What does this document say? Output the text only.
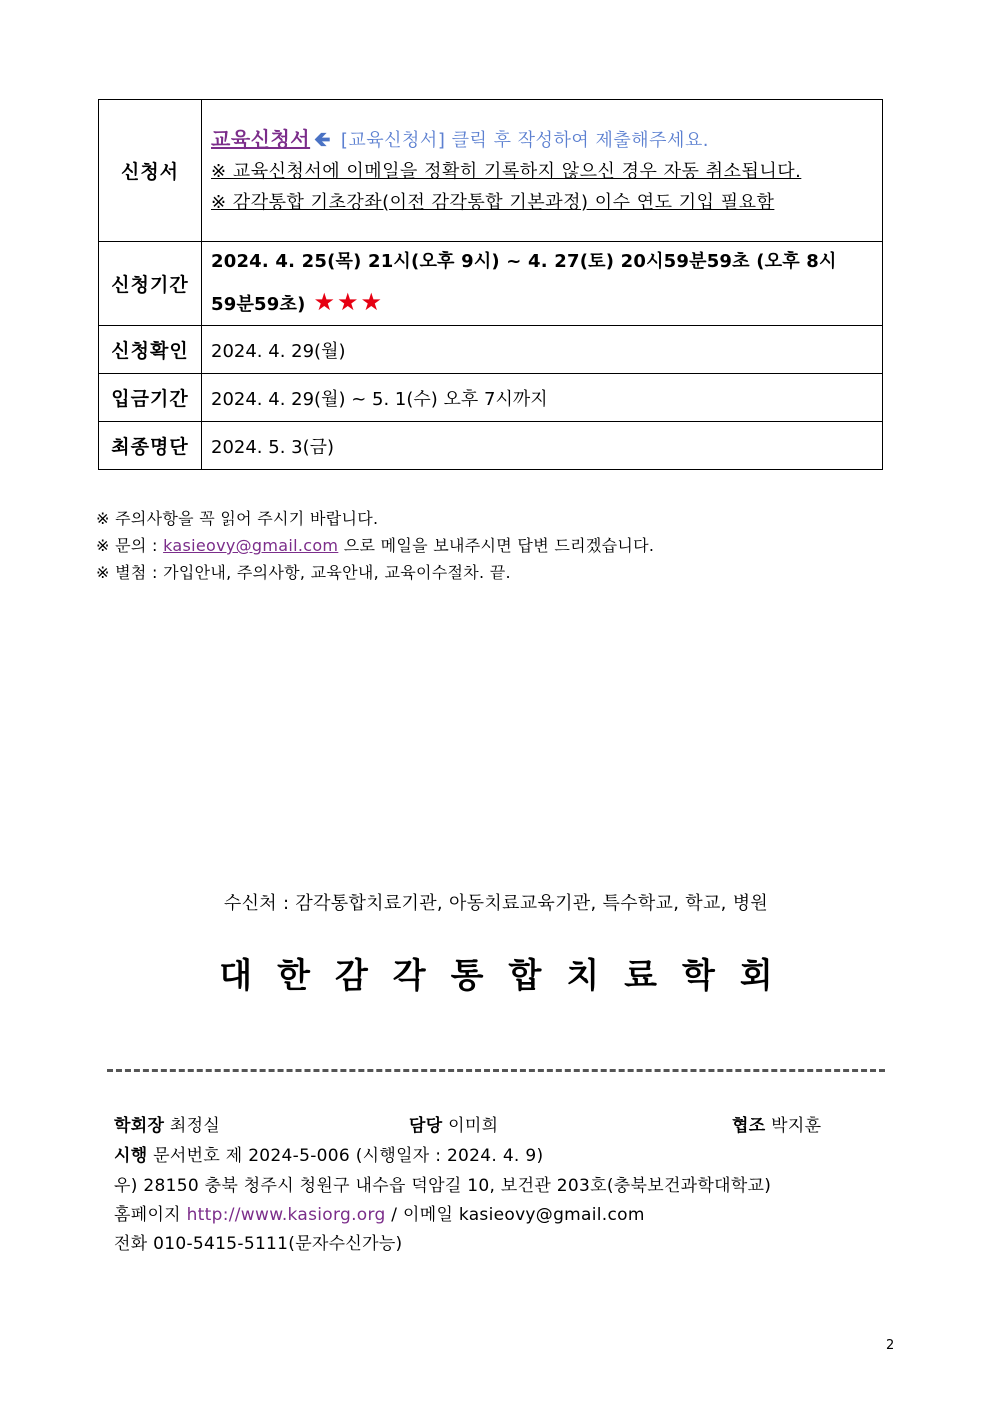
신청서	교육신청서 🡸 [교육신청서] 클릭 후 작성하여 제출해주세요.
※ 교육신청서에 이메일을 정확히 기록하지 않으신 경우 자동 취소됩니다.
※ 감각통합 기초강좌(이전 감각통합 기본과정) 이수 연도 기입 필요함

신청기간	2024. 4. 25(목) 21시(오후 9시) ~ 4. 27(토) 20시59분59초 (오후 8시
59분59초) ★★★

신청확인	2024. 4. 29(월)
입금기간	2024. 4. 29(월) ~ 5. 1(수) 오후 7시까지
최종명단	2024. 5. 3(금)
※ 주의사항을 꼭 읽어 주시기 바랍니다.
※ 문의 : kasieovy@gmail.com 으로 메일을 보내주시면 답변 드리겠습니다.
※ 별첨 : 가입안내, 주의사항, 교육안내, 교육이수절차. 끝.
수신처 : 감각통합치료기관, 아동치료교육기관, 특수학교, 학교, 병원
대한감각통합치료학회
학회장 최정실	담당 이미희	협조 박지훈
시행 문서번호 제 2024-5-006 (시행일자 : 2024. 4. 9)
우) 28150 충북 청주시 청원구 내수읍 덕암길 10, 보건관 203호(충북보건과학대학교)
홈페이지 http://www.kasiorg.org / 이메일 kasieovy@gmail.com
전화 010-5415-5111(문자수신가능)
2
